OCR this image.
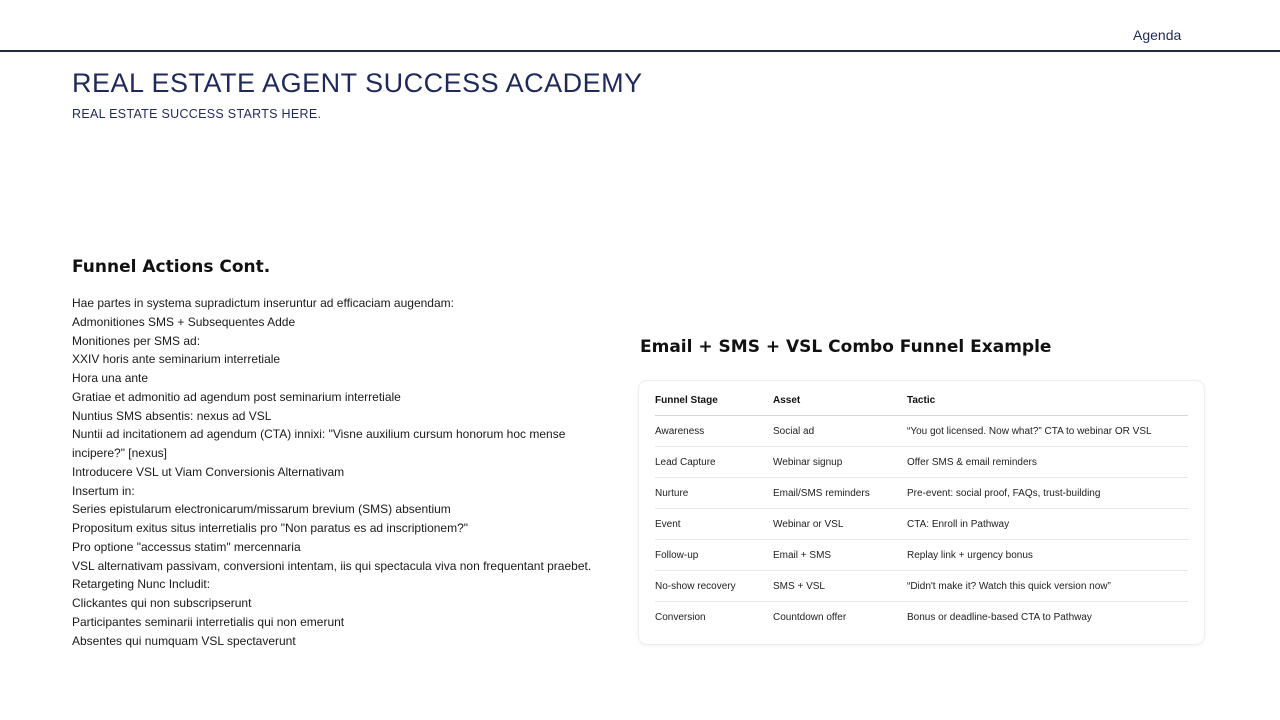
Agenda
REAL ESTATE AGENT SUCCESS ACADEMY

REAL ESTATE SUCCESS STARTS HERE.

Funnel Actions Cont.
Hae partes in systema supradictum inseruntur ad efficaciam augendam:
Admonitiones SMS + Subsequentes Adde
Monitiones per SMS ad:
XXIV horis ante seminarium interretiale
Hora una ante
Gratiae et admonitio ad agendum post seminarium interretiale
Nuntius SMS absentis: nexus ad VSL
Nuntii ad incitationem ad agendum (CTA) innixi: "Visne auxilium cursum honorum hoc mense
incipere?" [nexus]
Introducere VSL ut Viam Conversionis Alternativam
Insertum in:
Series epistularum electronicarum/missarum brevium (SMS) absentium
Propositum exitus situs interretialis pro "Non paratus es ad inscriptionem?"
Pro optione "accessus statim" mercennaria
VSL alternativam passivam, conversioni intentam, iis qui spectacula viva non frequentant praebet.
Retargeting Nunc Includit:
Clickantes qui non subscripserunt
Participantes seminarii interretialis qui non emerunt
Absentes qui numquam VSL spectaverunt
Email + SMS + VSL Combo Funnel Example
Funnel Stage	Asset	Tactic
Awareness	Social ad	“You got licensed. Now what?” CTA to webinar OR VSL
Lead Capture	Webinar signup	Offer SMS & email reminders
Nurture	Email/SMS reminders	Pre-event: social proof, FAQs, trust-building
Event	Webinar or VSL	CTA: Enroll in Pathway
Follow-up	Email + SMS	Replay link + urgency bonus
No-show recovery	SMS + VSL	“Didn't make it? Watch this quick version now”
Conversion	Countdown offer	Bonus or deadline-based CTA to Pathway
